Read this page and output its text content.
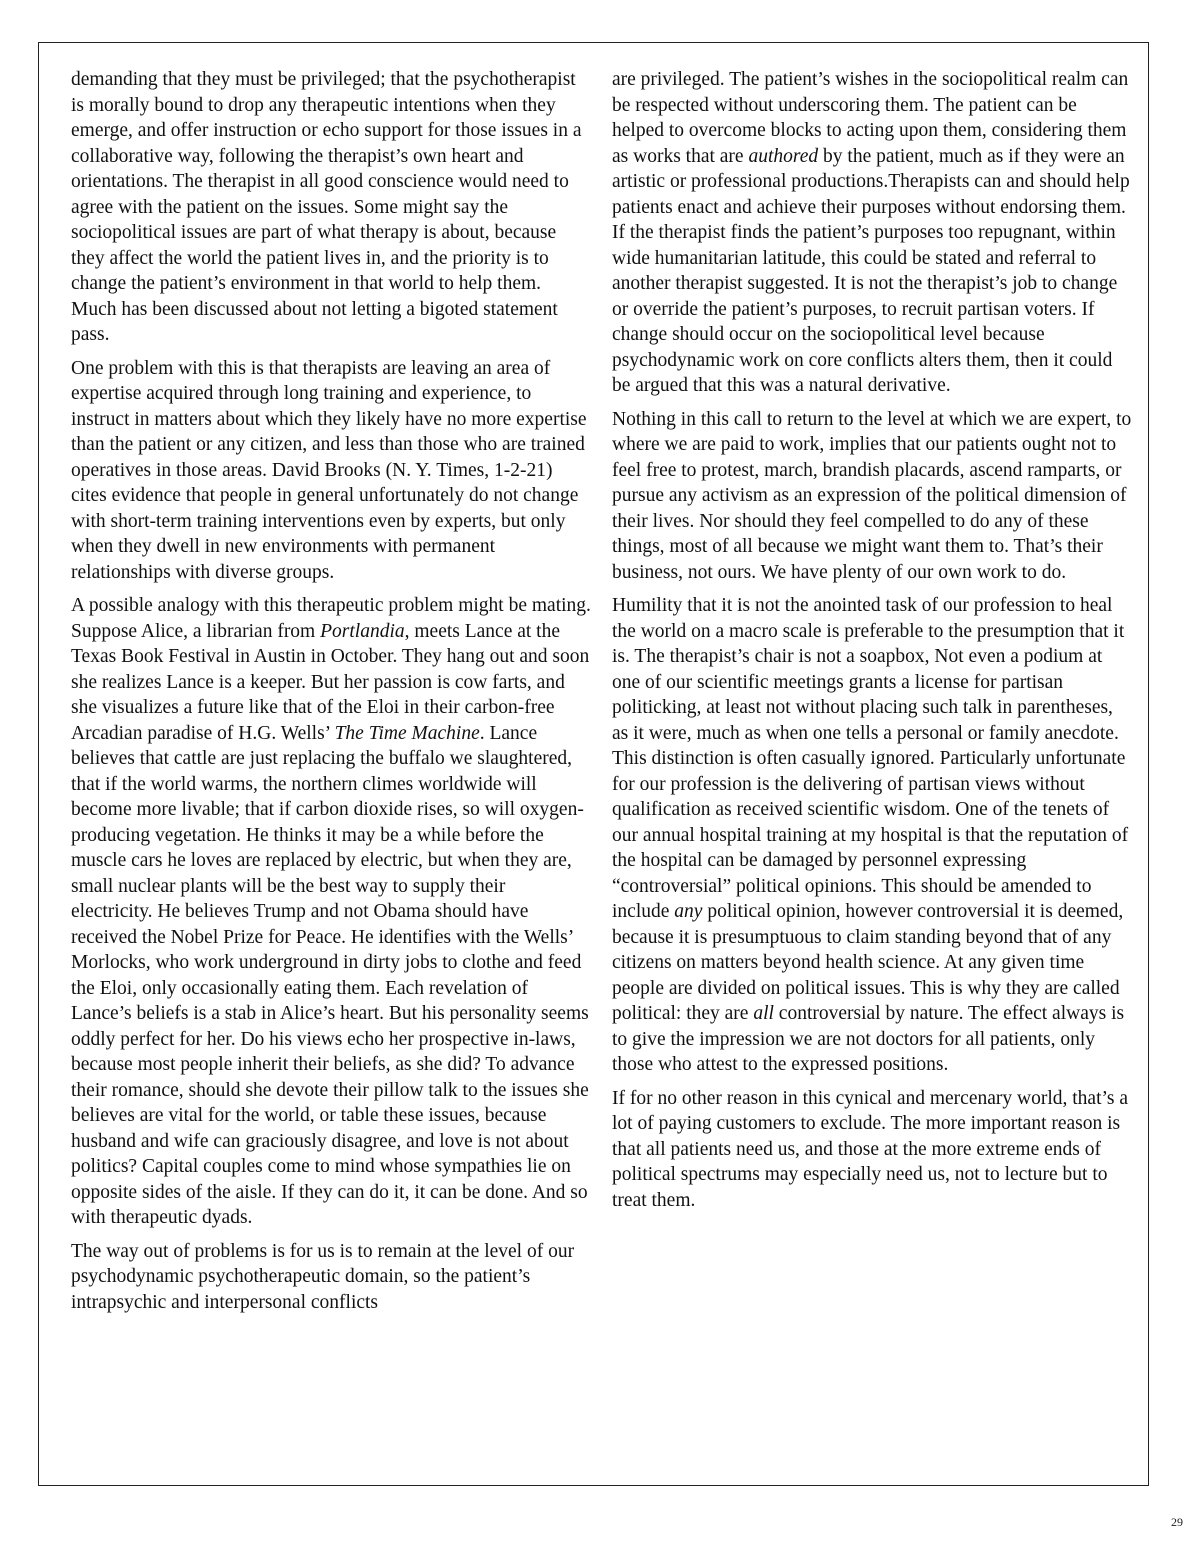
demanding that they must be privileged; that the psychotherapist is morally bound to drop any therapeutic intentions when they emerge, and offer instruction or echo support for those issues in a collaborative way, following the therapist’s own heart and orientations. The therapist in all good conscience would need to agree with the patient on the issues. Some might say the sociopolitical issues are part of what therapy is about, because they affect the world the patient lives in, and the priority is to change the patient’s environment in that world to help them. Much has been discussed about not letting a bigoted statement pass.

One problem with this is that therapists are leaving an area of expertise acquired through long training and experience, to instruct in matters about which they likely have no more expertise than the patient or any citizen, and less than those who are trained operatives in those areas. David Brooks (N. Y. Times, 1-2-21) cites evidence that people in general unfortunately do not change with short-term training interventions even by experts, but only when they dwell in new environments with permanent relationships with diverse groups.

A possible analogy with this therapeutic problem might be mating. Suppose Alice, a librarian from Portlandia, meets Lance at the Texas Book Festival in Austin in October. They hang out and soon she realizes Lance is a keeper. But her passion is cow farts, and she visualizes a future like that of the Eloi in their carbon-free Arcadian paradise of H.G. Wells’ The Time Machine. Lance believes that cattle are just replacing the buffalo we slaughtered, that if the world warms, the northern climes worldwide will become more livable; that if carbon dioxide rises, so will oxygen-producing vegetation. He thinks it may be a while before the muscle cars he loves are replaced by electric, but when they are, small nuclear plants will be the best way to supply their electricity. He believes Trump and not Obama should have received the Nobel Prize for Peace. He identifies with the Wells’ Morlocks, who work underground in dirty jobs to clothe and feed the Eloi, only occasionally eating them. Each revelation of Lance’s beliefs is a stab in Alice’s heart. But his personality seems oddly perfect for her. Do his views echo her prospective in-laws, because most people inherit their beliefs, as she did? To advance their romance, should she devote their pillow talk to the issues she believes are vital for the world, or table these issues, because husband and wife can graciously disagree, and love is not about politics? Capital couples come to mind whose sympathies lie on opposite sides of the aisle. If they can do it, it can be done. And so with therapeutic dyads.

The way out of problems is for us is to remain at the level of our psychodynamic psychotherapeutic domain, so the patient’s intrapsychic and interpersonal conflicts

are privileged. The patient’s wishes in the sociopolitical realm can be respected without underscoring them. The patient can be helped to overcome blocks to acting upon them, considering them as works that are authored by the patient, much as if they were an artistic or professional productions.Therapists can and should help patients enact and achieve their purposes without endorsing them. If the therapist finds the patient’s purposes too repugnant, within wide humanitarian latitude, this could be stated and referral to another therapist suggested. It is not the therapist’s job to change or override the patient’s purposes, to recruit partisan voters. If change should occur on the sociopolitical level because psychodynamic work on core conflicts alters them, then it could be argued that this was a natural derivative.

Nothing in this call to return to the level at which we are expert, to where we are paid to work, implies that our patients ought not to feel free to protest, march, brandish placards, ascend ramparts, or pursue any activism as an expression of the political dimension of their lives. Nor should they feel compelled to do any of these things, most of all because we might want them to. That’s their business, not ours. We have plenty of our own work to do.

Humility that it is not the anointed task of our profession to heal the world on a macro scale is preferable to the presumption that it is. The therapist’s chair is not a soapbox, Not even a podium at one of our scientific meetings grants a license for partisan politicking, at least not without placing such talk in parentheses, as it were, much as when one tells a personal or family anecdote. This distinction is often casually ignored. Particularly unfortunate for our profession is the delivering of partisan views without qualification as received scientific wisdom. One of the tenets of our annual hospital training at my hospital is that the reputation of the hospital can be damaged by personnel expressing “controversial” political opinions. This should be amended to include any political opinion, however controversial it is deemed, because it is presumptuous to claim standing beyond that of any citizens on matters beyond health science. At any given time people are divided on political issues. This is why they are called political: they are all controversial by nature. The effect always is to give the impression we are not doctors for all patients, only those who attest to the expressed positions.

If for no other reason in this cynical and mercenary world, that’s a lot of paying customers to exclude. The more important reason is that all patients need us, and those at the more extreme ends of political spectrums may especially need us, not to lecture but to treat them.

29
